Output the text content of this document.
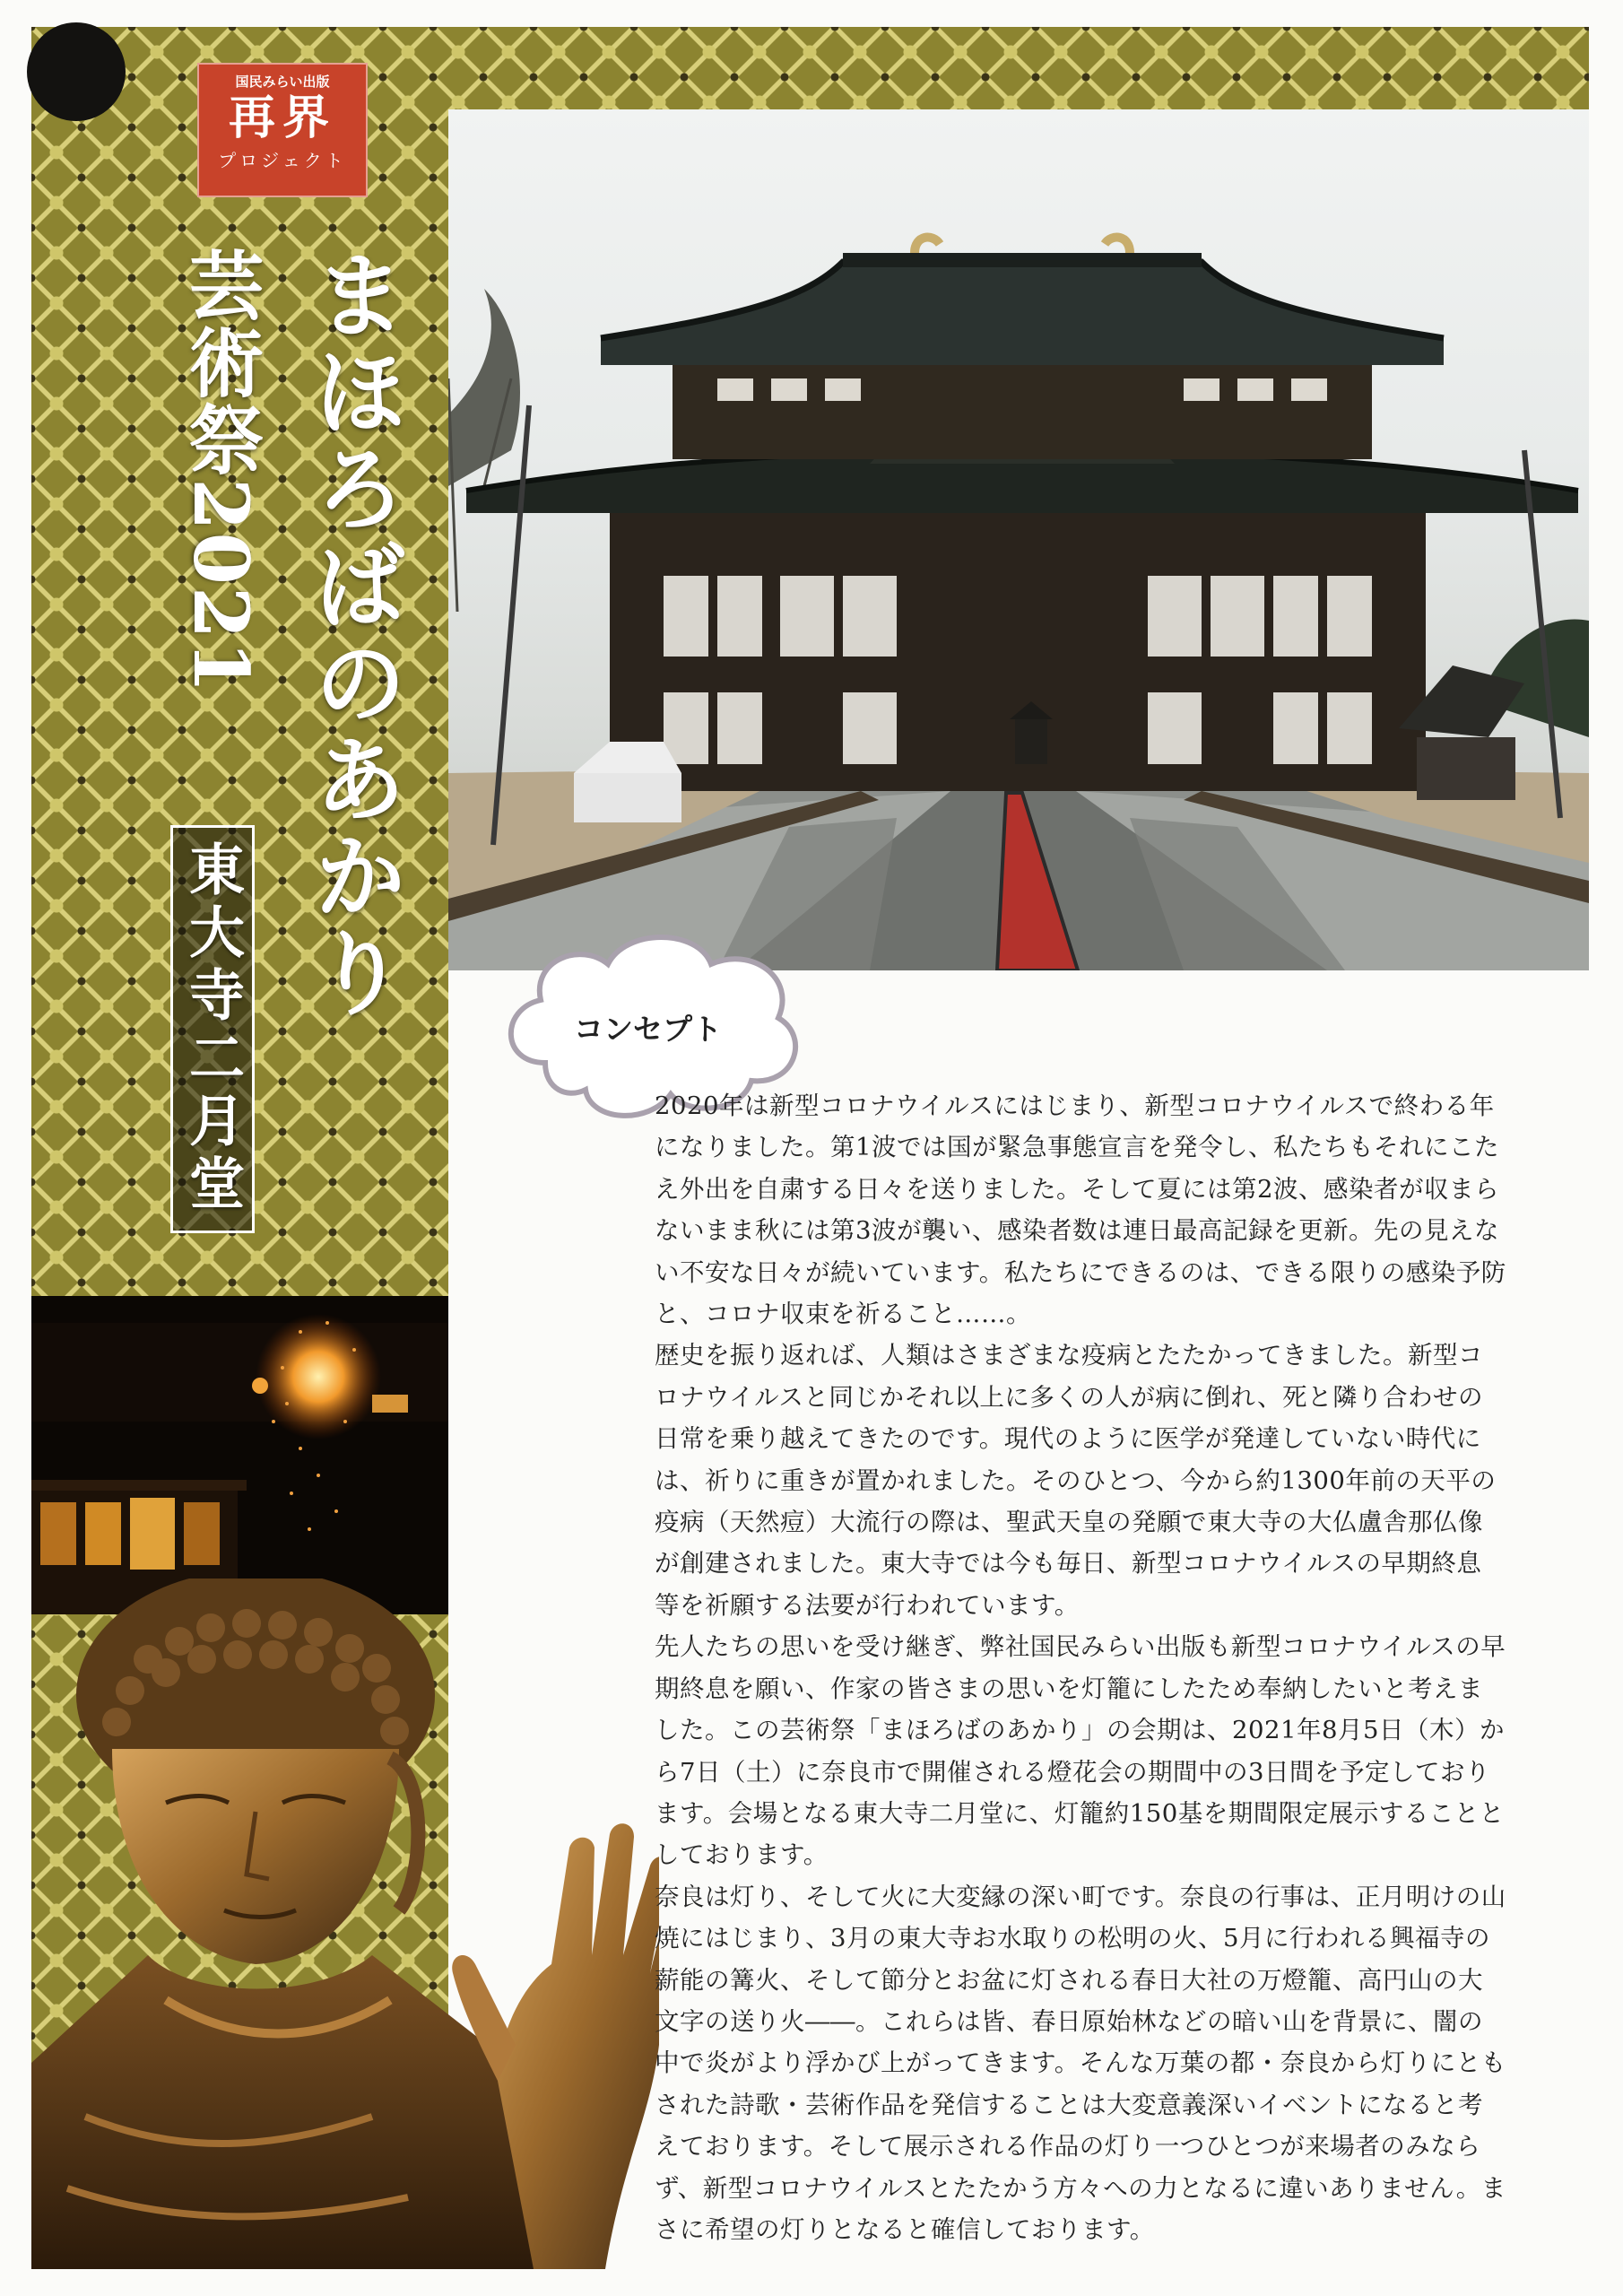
国民みらい出版
再界
プロジェクト
まほろばのあかり
芸術祭2021
東大寺二月堂	コンセプト

2020年は新型コロナウイルスにはじまり、新型コロナウイルスで終わる年になりました。第1波では国が緊急事態宣言を発令し、私たちもそれにこたえ外出を自粛する日々を送りました。そして夏には第2波、感染者が収まらないまま秋には第3波が襲い、感染者数は連日最高記録を更新。先の見えない不安な日々が続いています。私たちにできるのは、できる限りの感染予防と、コロナ収束を祈ること……。

歴史を振り返れば、人類はさまざまな疫病とたたかってきました。新型コロナウイルスと同じかそれ以上に多くの人が病に倒れ、死と隣り合わせの日常を乗り越えてきたのです。現代のように医学が発達していない時代には、祈りに重きが置かれました。そのひとつ、今から約1300年前の天平の疫病（天然痘）大流行の際は、聖武天皇の発願で東大寺の大仏盧舎那仏像が創建されました。東大寺では今も毎日、新型コロナウイルスの早期終息等を祈願する法要が行われています。

先人たちの思いを受け継ぎ、弊社国民みらい出版も新型コロナウイルスの早期終息を願い、作家の皆さまの思いを灯籠にしたため奉納したいと考えました。この芸術祭「まほろばのあかり」の会期は、2021年8月5日（木）から7日（土）に奈良市で開催される燈花会の期間中の3日間を予定しております。会場となる東大寺二月堂に、灯籠約150基を期間限定展示することとしております。

奈良は灯り、そして火に大変縁の深い町です。奈良の行事は、正月明けの山焼にはじまり、3月の東大寺お水取りの松明の火、5月に行われる興福寺の薪能の篝火、そして節分とお盆に灯される春日大社の万燈籠、高円山の大文字の送り火――。これらは皆、春日原始林などの暗い山を背景に、闇の中で炎がより浮かび上がってきます。そんな万葉の都・奈良から灯りにともされた詩歌・芸術作品を発信することは大変意義深いイベントになると考えております。そして展示される作品の灯り一つひとつが来場者のみならず、新型コロナウイルスとたたかう方々への力となるに違いありません。まさに希望の灯りとなると確信しております。
